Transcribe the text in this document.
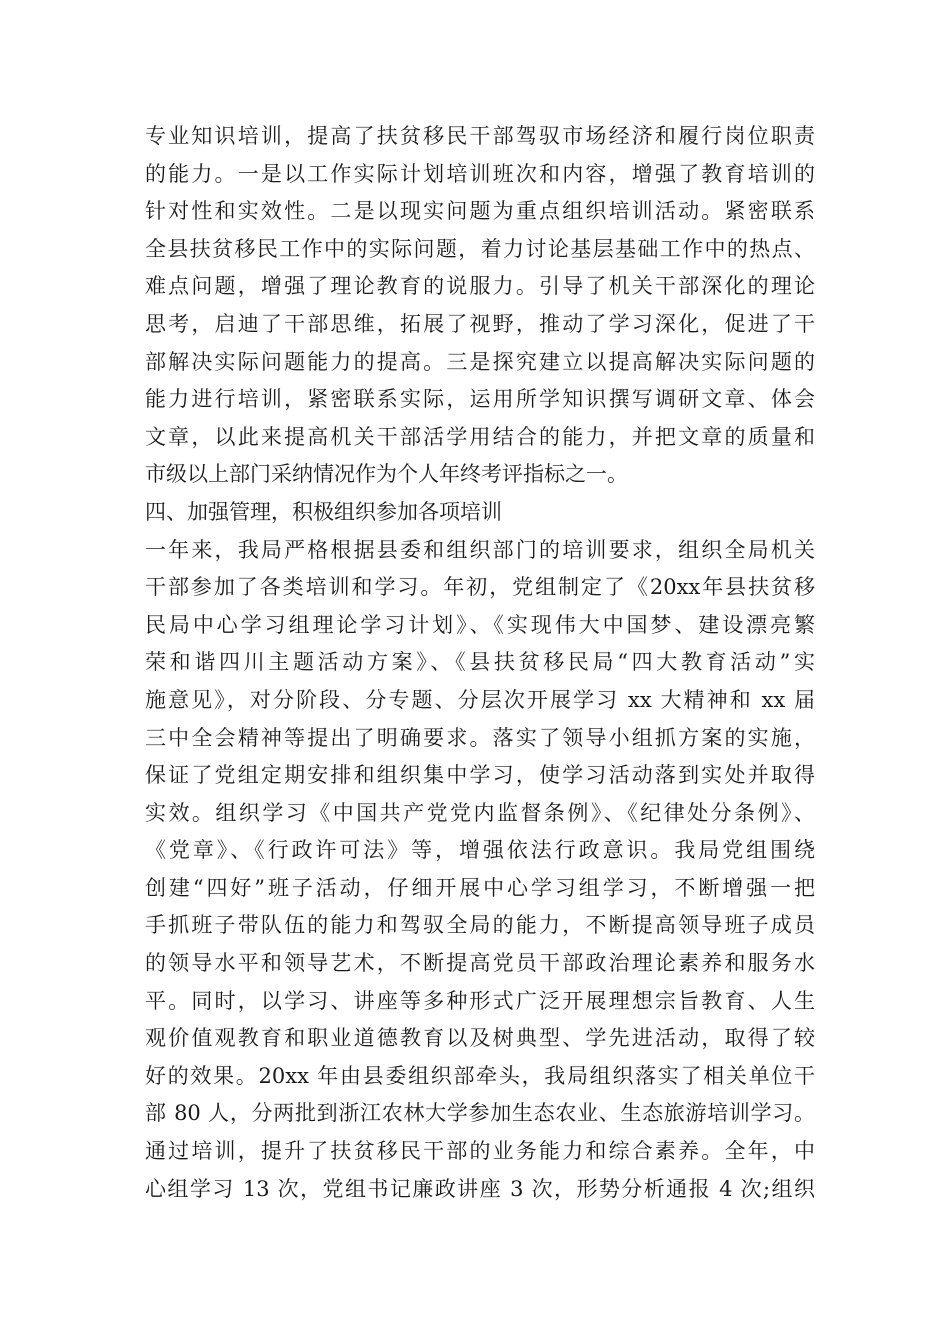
专业知识培训，提高了扶贫移民干部驾驭市场经济和履行岗位职责
的能力。一是以工作实际计划培训班次和内容，增强了教育培训的
针对性和实效性。二是以现实问题为重点组织培训活动。紧密联系
全县扶贫移民工作中的实际问题，着力讨论基层基础工作中的热点、
难点问题，增强了理论教育的说服力。引导了机关干部深化的理论
思考，启迪了干部思维，拓展了视野，推动了学习深化，促进了干
部解决实际问题能力的提高。三是探究建立以提高解决实际问题的
能力进行培训，紧密联系实际，运用所学知识撰写调研文章、体会
文章，以此来提高机关干部活学用结合的能力，并把文章的质量和
市级以上部门采纳情况作为个人年终考评指标之一。
四、加强管理，积极组织参加各项培训
一年来，我局严格根据县委和组织部门的培训要求，组织全局机关
干部参加了各类培训和学习。年初，党组制定了《20xx年县扶贫移
民局中心学习组理论学习计划》、《实现伟大中国梦、建设漂亮繁
荣和谐四川主题活动方案》、《县扶贫移民局“四大教育活动”实
施意见》，对分阶段、分专题、分层次开展学习 xx 大精神和 xx 届
三中全会精神等提出了明确要求。落实了领导小组抓方案的实施，
保证了党组定期安排和组织集中学习，使学习活动落到实处并取得
实效。组织学习《中国共产党党内监督条例》、《纪律处分条例》、
《党章》、《行政许可法》等，增强依法行政意识。我局党组围绕
创建“四好”班子活动，仔细开展中心学习组学习，不断增强一把
手抓班子带队伍的能力和驾驭全局的能力，不断提高领导班子成员
的领导水平和领导艺术，不断提高党员干部政治理论素养和服务水
平。同时，以学习、讲座等多种形式广泛开展理想宗旨教育、人生
观价值观教育和职业道德教育以及树典型、学先进活动，取得了较
好的效果。20xx 年由县委组织部牵头，我局组织落实了相关单位干
部 80 人，分两批到浙江农林大学参加生态农业、生态旅游培训学习。
通过培训，提升了扶贫移民干部的业务能力和综合素养。全年，中
心组学习 13 次，党组书记廉政讲座 3 次，形势分析通报 4 次;组织
